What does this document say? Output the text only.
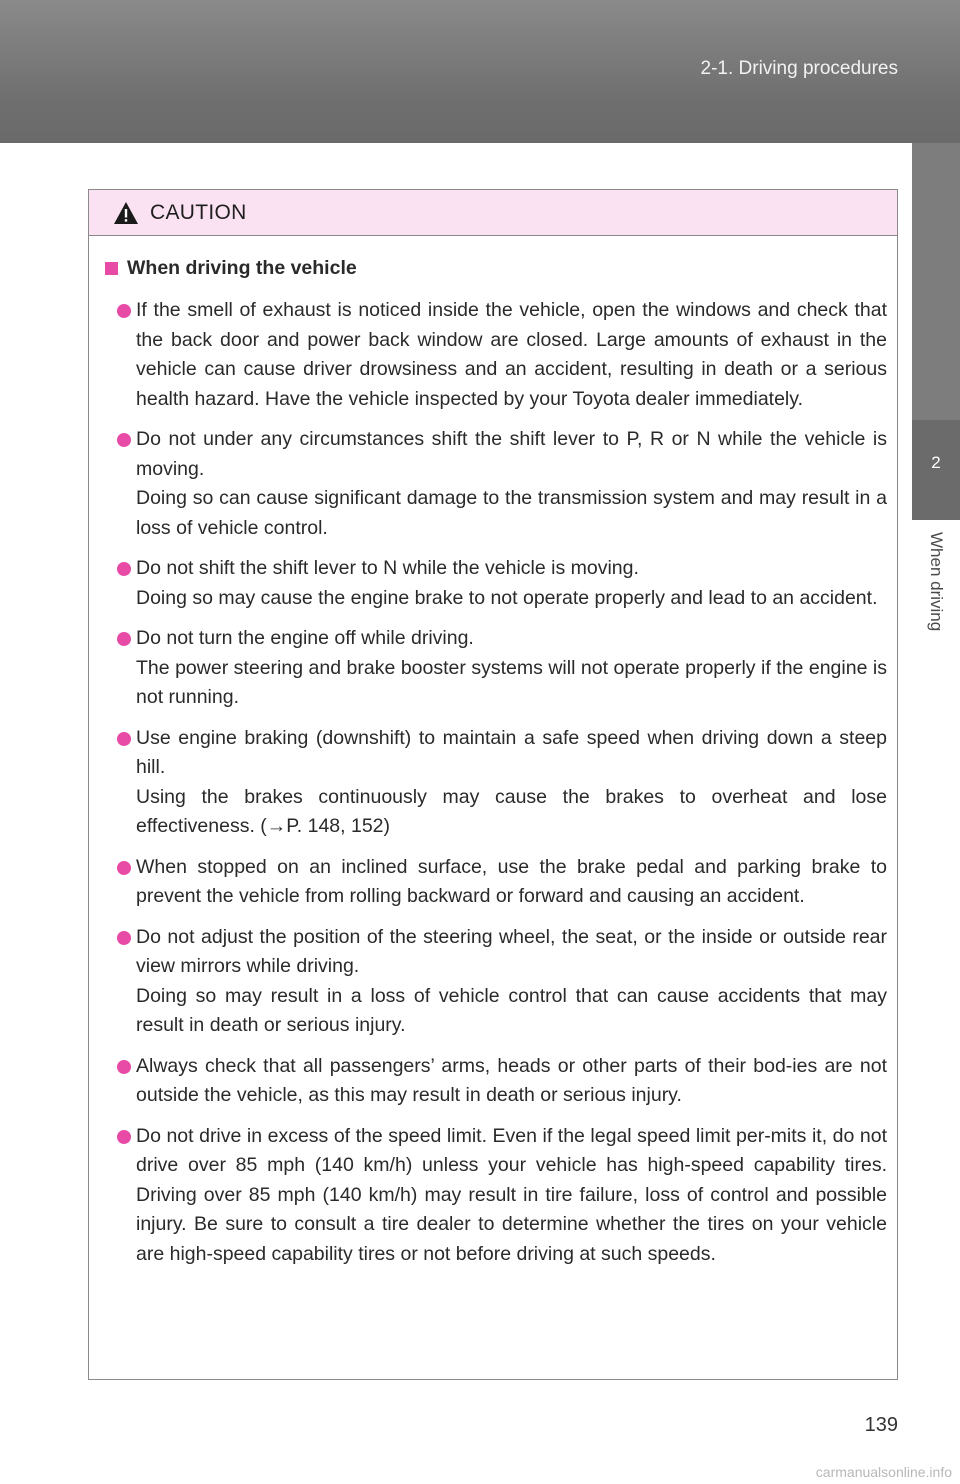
2-1. Driving procedures
2
When driving
CAUTION
When driving the vehicle
If the smell of exhaust is noticed inside the vehicle, open the windows and check that the back door and power back window are closed. Large amounts of exhaust in the vehicle can cause driver drowsiness and an accident, resulting in death or a serious health hazard. Have the vehicle inspected by your Toyota dealer immediately.
Do not under any circumstances shift the shift lever to P, R or N while the vehicle is moving.
Doing so can cause significant damage to the transmission system and may result in a loss of vehicle control.
Do not shift the shift lever to N while the vehicle is moving.
Doing so may cause the engine brake to not operate properly and lead to an accident.
Do not turn the engine off while driving.
The power steering and brake booster systems will not operate properly if the engine is not running.
Use engine braking (downshift) to maintain a safe speed when driving down a steep hill.
Using the brakes continuously may cause the brakes to overheat and lose effectiveness. (→P. 148, 152)
When stopped on an inclined surface, use the brake pedal and parking brake to prevent the vehicle from rolling backward or forward and causing an accident.
Do not adjust the position of the steering wheel, the seat, or the inside or outside rear view mirrors while driving.
Doing so may result in a loss of vehicle control that can cause accidents that may result in death or serious injury.
Always check that all passengers’ arms, heads or other parts of their bod-ies are not outside the vehicle, as this may result in death or serious injury.
Do not drive in excess of the speed limit. Even if the legal speed limit per-mits it, do not drive over 85 mph (140 km/h) unless your vehicle has high-speed capability tires. Driving over 85 mph (140 km/h) may result in tire failure, loss of control and possible injury. Be sure to consult a tire dealer to determine whether the tires on your vehicle are high-speed capability tires or not before driving at such speeds.
139
carmanualsonline.info
